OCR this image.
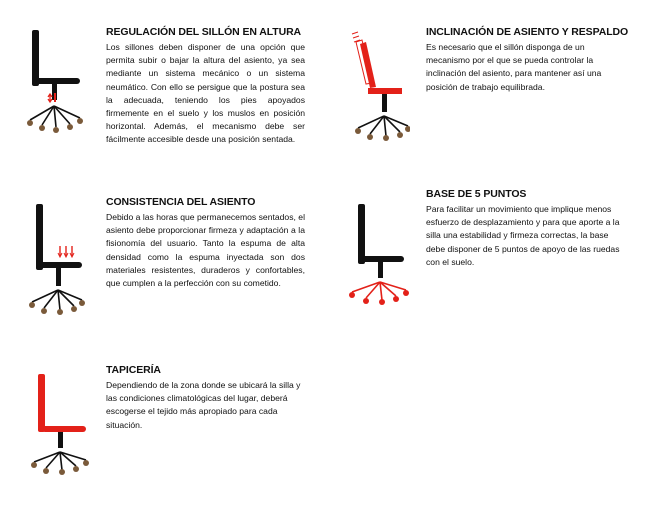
REGULACIÓN DEL SILLÓN EN ALTURA

Los sillones deben disponer de una opción que permita subir o bajar la altura del asiento, ya sea mediante un sistema mecánico o un sistema neumático. Con ello se persigue que la postura sea la adecuada, teniendo los pies apoyados firmemente en el suelo y los muslos en posición horizontal. Además, el mecanismo debe ser fácilmente accesible desde una posición sentada.

INCLINACIÓN DE ASIENTO Y RESPALDO

Es necesario que el sillón disponga de un mecanismo por el que se pueda controlar la inclinación del asiento, para mantener así una posición de trabajo equilibrada.

CONSISTENCIA DEL ASIENTO

Debido a las horas que permanecemos sentados, el asiento debe proporcionar firmeza y adaptación a la fisionomía del usuario. Tanto la espuma de alta densidad como la espuma inyectada son dos materiales resistentes, duraderos y confortables, que cumplen a la perfección con su cometido.

BASE DE 5 PUNTOS

Para facilitar un movimiento que implique menos esfuerzo de desplazamiento y para que aporte a la silla una estabilidad y firmeza correctas, la base debe disponer de 5 puntos de apoyo de las ruedas con el suelo.

TAPICERÍA

Dependiendo de la zona donde se ubicará la silla y las condiciones climatológicas del lugar, deberá escogerse el tejido más apropiado para cada situación.
